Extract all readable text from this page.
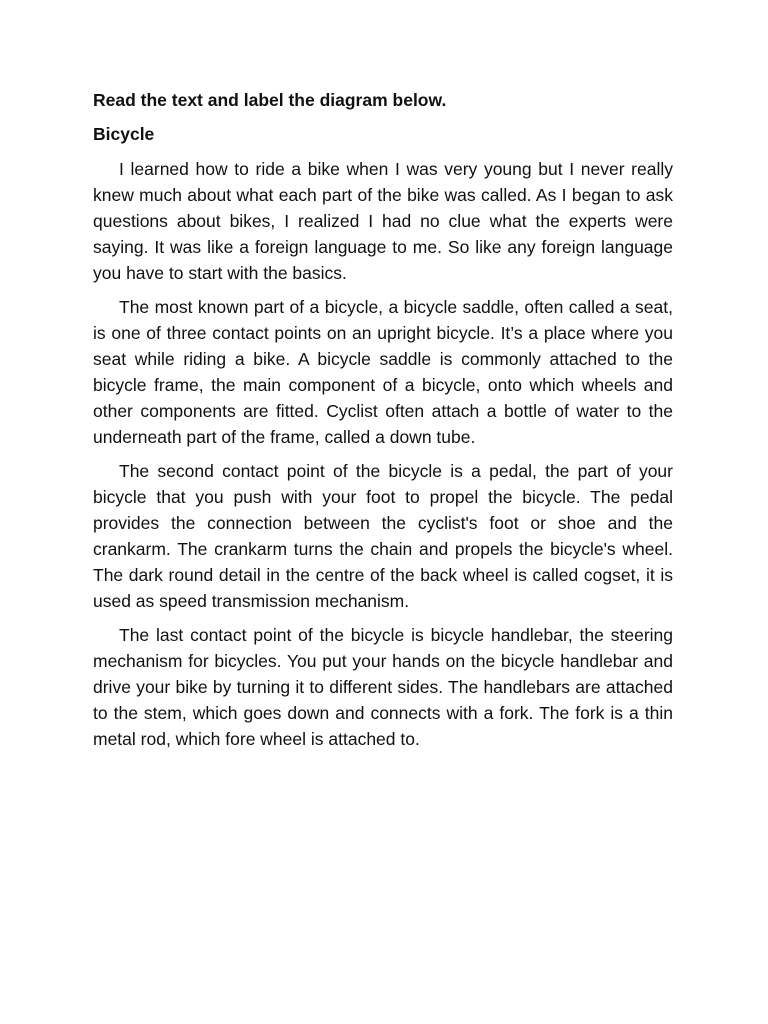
Read the text and label the diagram below.

Bicycle

I learned how to ride a bike when I was very young but I never really knew much about what each part of the bike was called. As I began to ask questions about bikes, I realized I had no clue what the experts were saying. It was like a foreign language to me. So like any foreign language you have to start with the basics.

The most known part of a bicycle, a bicycle saddle, often called a seat, is one of three contact points on an upright bicycle. It’s a place where you seat while riding a bike. A bicycle saddle is commonly attached to the bicycle frame, the main component of a bicycle, onto which wheels and other components are fitted. Cyclist often attach a bottle of water to the underneath part of the frame, called a down tube.

The second contact point of the bicycle is a pedal, the part of your bicycle that you push with your foot to propel the bicycle. The pedal provides the connection between the cyclist's foot or shoe and the crankarm. The crankarm turns the chain and propels the bicycle's wheel. The dark round detail in the centre of the back wheel is called cogset, it is used as speed transmission mechanism.

The last contact point of the bicycle is bicycle handlebar, the steering mechanism for bicycles. You put your hands on the bicycle handlebar and drive your bike by turning it to different sides. The handlebars are attached to the stem, which goes down and connects with a fork. The fork is a thin metal rod, which fore wheel is attached to.
